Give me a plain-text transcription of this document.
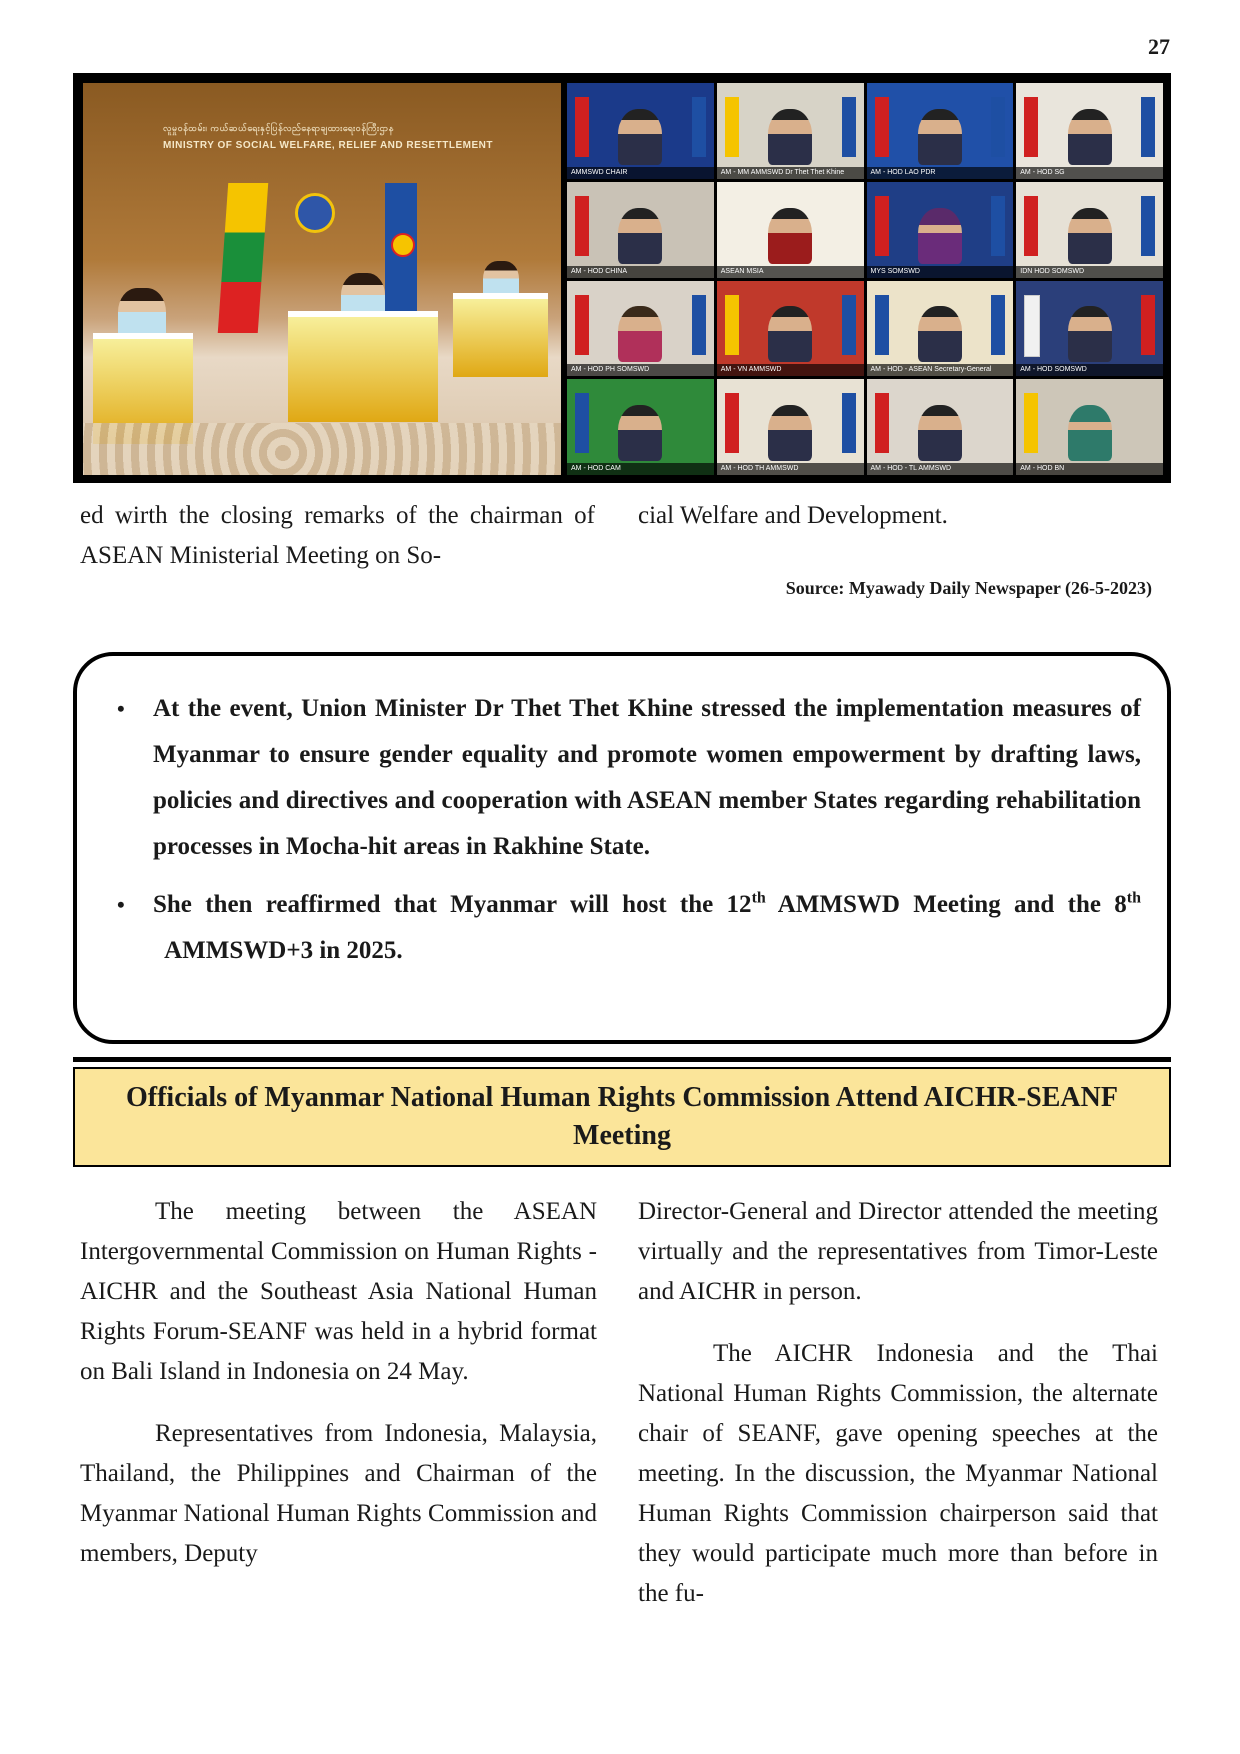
27
လူမှုဝန်ထမ်း၊ ကယ်ဆယ်ရေးနှင့်ပြန်လည်နေရာချထားရေးဝန်ကြီးဌာန
MINISTRY OF SOCIAL WELFARE, RELIEF AND RESETTLEMENT
AMMSWD CHAIR	AM - MM AMMSWD Dr Thet Thet Khine	AM - HOD LAO PDR	AM - HOD SG
AM - HOD CHINA	ASEAN MSIA	MYS SOMSWD	IDN HOD SOMSWD
AM - HOD PH SOMSWD	AM - VN AMMSWD	AM - HOD - ASEAN Secretary-General	AM - HOD SOMSWD
AM - HOD CAM	AM - HOD TH AMMSWD	AM - HOD - TL AMMSWD	AM - HOD BN

ed wirth the closing remarks of the chairman of ASEAN Ministerial Meeting on So-

cial Welfare and Development.

Source: Myawady Daily Newspaper (26-5-2023)
• At the event, Union Minister Dr Thet Thet Khine stressed the implementation measures of Myanmar to ensure gender equality and promote women empowerment by drafting laws, policies and directives and cooperation with ASEAN member States regarding rehabilitation processes in Mocha-hit areas in Rakhine State.
• She then reaffirmed that Myanmar will host the 12th AMMSWD Meeting and the 8th  AMMSWD+3 in 2025.
Officials of Myanmar National Human Rights Commission Attend AICHR-SEANF Meeting

The meeting between the ASEAN Intergovernmental Commission on Human Rights -AICHR and the Southeast Asia National Human Rights Forum-SEANF was held in a hybrid format on Bali Island in Indonesia on 24 May.

Representatives from Indonesia, Malaysia, Thailand, the Philippines and Chairman of the Myanmar National Human Rights Commission and members, Deputy

Director-General and Director attended the meeting virtually and the representatives from Timor-Leste and AICHR in person.

The AICHR Indonesia and the Thai National Human Rights Commission, the alternate chair of SEANF, gave opening speeches at the meeting. In the discussion, the Myanmar National Human Rights Commission chairperson said that they would participate much more than before in the fu-
